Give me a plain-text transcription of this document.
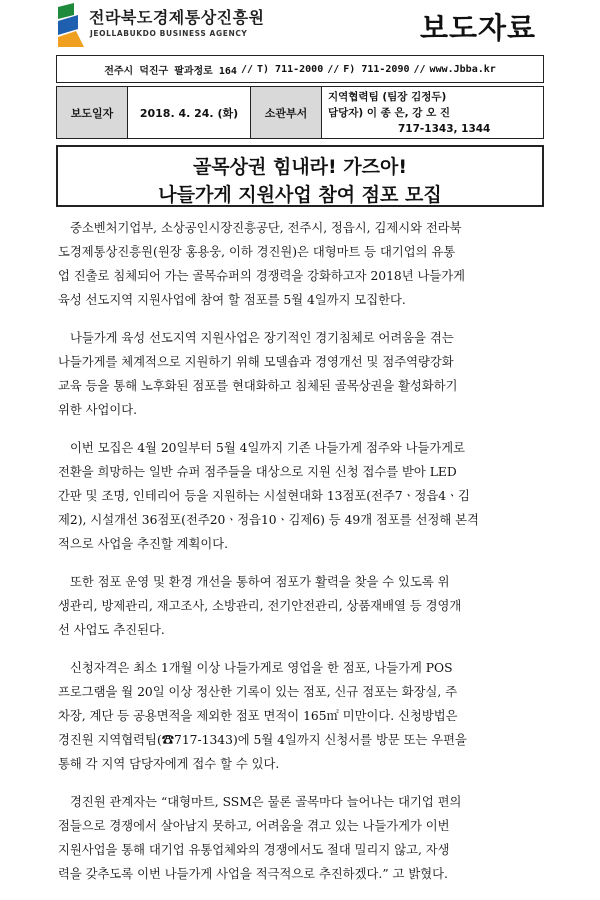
전라북도경제통상진흥원
JEOLLABUKDO BUSINESS AGENCY	보도자료
전주시 덕진구 팔과정로 164 // T) 711-2000 // F) 711-2090 // www.Jbba.kr
보도일자	2018. 4. 24. (화)	소관부서	
지역협력팀 (팀장 김정두)
담당자) 이 종 은, 강 오 진
717-1343, 1344
골목상권 힘내라! 가즈아!
나들가게 지원사업 참여 점포 모집
중소벤처기업부, 소상공인시장진흥공단, 전주시, 정읍시, 김제시와 전라북
도경제통상진흥원(원장 홍용웅, 이하 경진원)은 대형마트 등 대기업의 유통
업 진출로 침체되어 가는 골목슈퍼의 경쟁력을 강화하고자 2018년 나들가게
육성 선도지역 지원사업에 참여 할 점포를 5월 4일까지 모집한다.
나들가게 육성 선도지역 지원사업은 장기적인 경기침체로 어려움을 겪는
나들가게를 체계적으로 지원하기 위해 모델숍과 경영개선 및 점주역량강화
교육 등을 통해 노후화된 점포를 현대화하고 침체된 골목상권을 활성화하기
위한 사업이다.
이번 모집은 4월 20일부터 5월 4일까지 기존 나들가게 점주와 나들가게로
전환을 희망하는 일반 슈퍼 점주들을 대상으로 지원 신청 접수를 받아 LED
간판 및 조명, 인테리어 등을 지원하는 시설현대화 13점포(전주7ㆍ정읍4ㆍ김
제2), 시설개선 36점포(전주20ㆍ정읍10ㆍ김제6) 등 49개 점포를 선정해 본격
적으로 사업을 추진할 계획이다.
또한 점포 운영 및 환경 개선을 통하여 점포가 활력을 찾을 수 있도록 위
생관리, 방제관리, 재고조사, 소방관리, 전기안전관리, 상품재배열 등 경영개
선 사업도 추진된다.
신청자격은 최소 1개월 이상 나들가게로 영업을 한 점포, 나들가게 POS
프로그램을 월 20일 이상 정산한 기록이 있는 점포, 신규 점포는 화장실, 주
차장, 계단 등 공용면적을 제외한 점포 면적이 165㎡ 미만이다. 신청방법은
경진원 지역협력팀(☎717-1343)에 5월 4일까지 신청서를 방문 또는 우편을
통해 각 지역 담당자에게 접수 할 수 있다.
경진원 관계자는 “대형마트, SSM은 물론 골목마다 늘어나는 대기업 편의
점들으로 경쟁에서 살아남지 못하고, 어려움을 겪고 있는 나들가게가 이번
지원사업을 통해 대기업 유통업체와의 경쟁에서도 절대 밀리지 않고, 자생
력을 갖추도록 이번 나들가게 사업을 적극적으로 추진하겠다.” 고 밝혔다.
